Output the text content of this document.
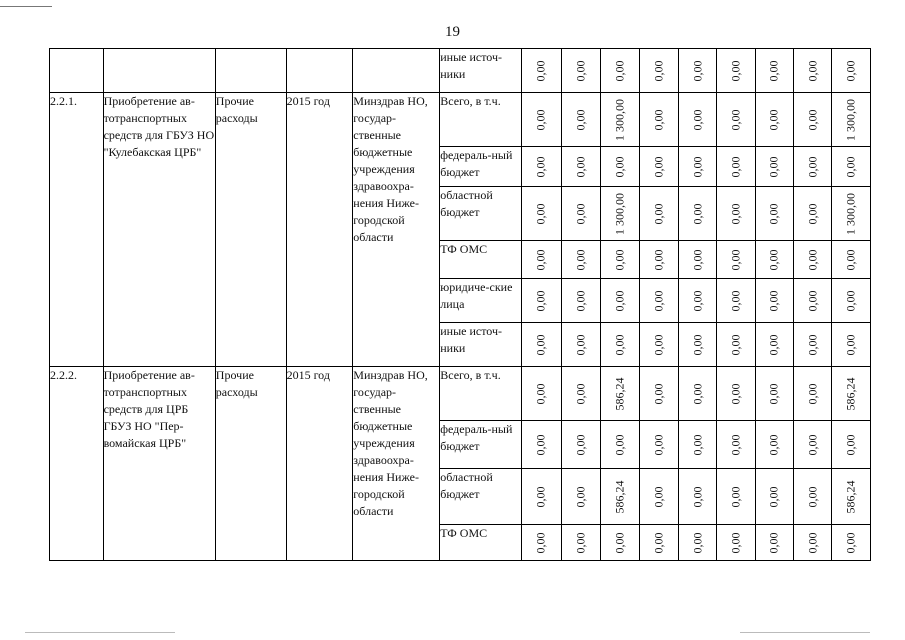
19
					иные источ-ники	0,00	0,00	0,00	0,00	0,00	0,00	0,00	0,00	0,00

2.2.1.	Приобретение ав-тотранспортных средств для ГБУЗ НО "Кулебакская ЦРБ"	Прочие расходы	2015 год	Минздрав НО, государ-ственные бюджетные учреждения здравоохра-нения Ниже-городской области	Всего, в т.ч.	0,00	0,00	1 300,00	0,00	0,00	0,00	0,00	0,00	1 300,00

					федераль-ный бюджет	0,00	0,00	0,00	0,00	0,00	0,00	0,00	0,00	0,00

					областной бюджет	0,00	0,00	1 300,00	0,00	0,00	0,00	0,00	0,00	1 300,00

					ТФ ОМС	0,00	0,00	0,00	0,00	0,00	0,00	0,00	0,00	0,00

					юридиче-ские лица	0,00	0,00	0,00	0,00	0,00	0,00	0,00	0,00	0,00

					иные источ-ники	0,00	0,00	0,00	0,00	0,00	0,00	0,00	0,00	0,00

2.2.2.	Приобретение ав-тотранспортных средств для ЦРБ ГБУЗ НО "Пер-вомайская ЦРБ"	Прочие расходы	2015 год	Минздрав НО, государ-ственные бюджетные учреждения здравоохра-нения Ниже-городской области	Всего, в т.ч.	0,00	0,00	586,24	0,00	0,00	0,00	0,00	0,00	586,24

					федераль-ный бюджет	0,00	0,00	0,00	0,00	0,00	0,00	0,00	0,00	0,00

					областной бюджет	0,00	0,00	586,24	0,00	0,00	0,00	0,00	0,00	586,24

					ТФ ОМС	0,00	0,00	0,00	0,00	0,00	0,00	0,00	0,00	0,00
